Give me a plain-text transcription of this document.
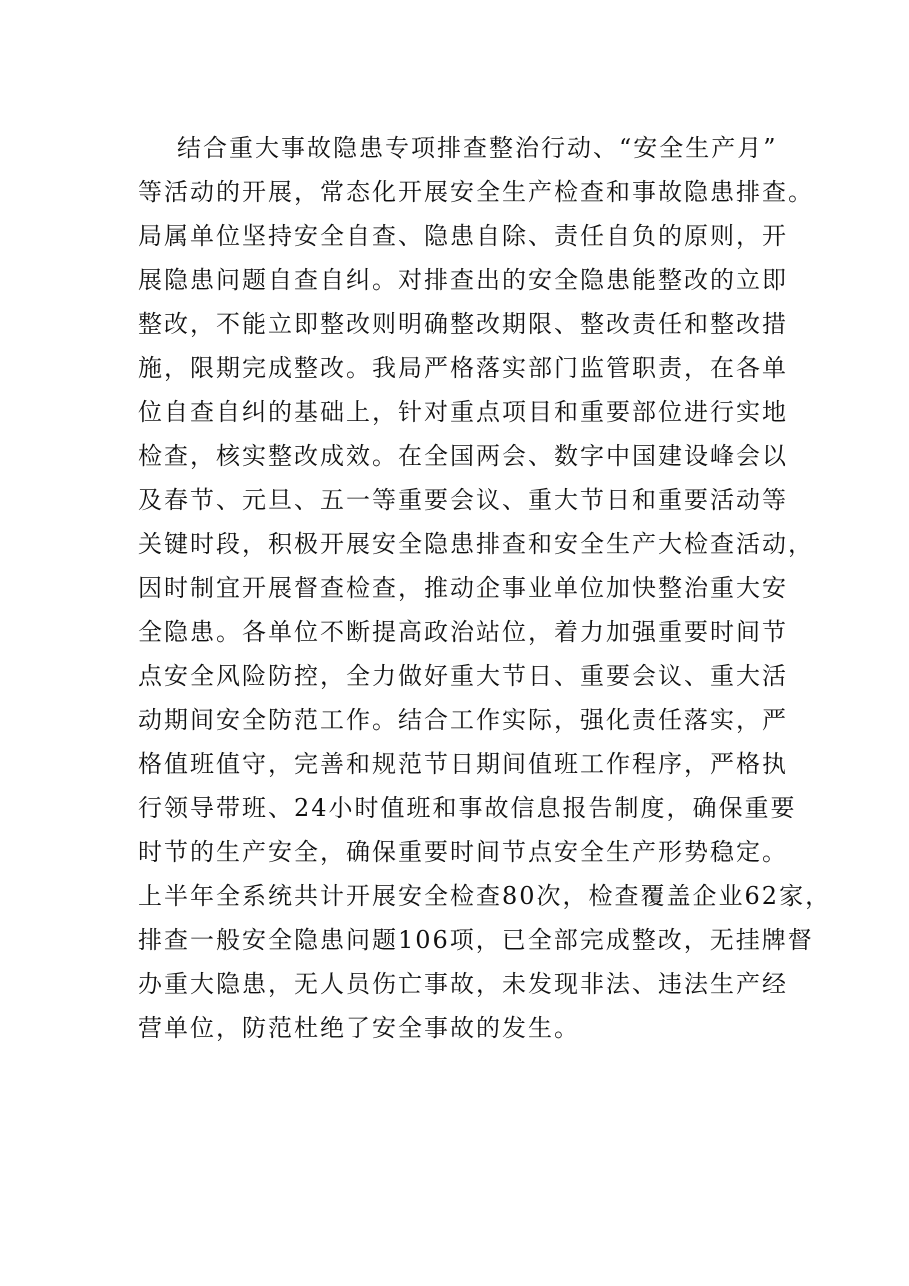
结合重大事故隐患专项排查整治行动、“安全生产月”
等活动的开展，常态化开展安全生产检查和事故隐患排查。
局属单位坚持安全自查、隐患自除、责任自负的原则，开
展隐患问题自查自纠。对排查出的安全隐患能整改的立即
整改，不能立即整改则明确整改期限、整改责任和整改措
施，限期完成整改。我局严格落实部门监管职责，在各单
位自查自纠的基础上，针对重点项目和重要部位进行实地
检查，核实整改成效。在全国两会、数字中国建设峰会以
及春节、元旦、五一等重要会议、重大节日和重要活动等
关键时段，积极开展安全隐患排查和安全生产大检查活动，
因时制宜开展督查检查，推动企事业单位加快整治重大安
全隐患。各单位不断提高政治站位，着力加强重要时间节
点安全风险防控，全力做好重大节日、重要会议、重大活
动期间安全防范工作。结合工作实际，强化责任落实，严
格值班值守，完善和规范节日期间值班工作程序，严格执
行领导带班、24小时值班和事故信息报告制度，确保重要
时节的生产安全，确保重要时间节点安全生产形势稳定。
上半年全系统共计开展安全检查80次，检查覆盖企业62家，
排查一般安全隐患问题106项，已全部完成整改，无挂牌督
办重大隐患，无人员伤亡事故，未发现非法、违法生产经
营单位，防范杜绝了安全事故的发生。
